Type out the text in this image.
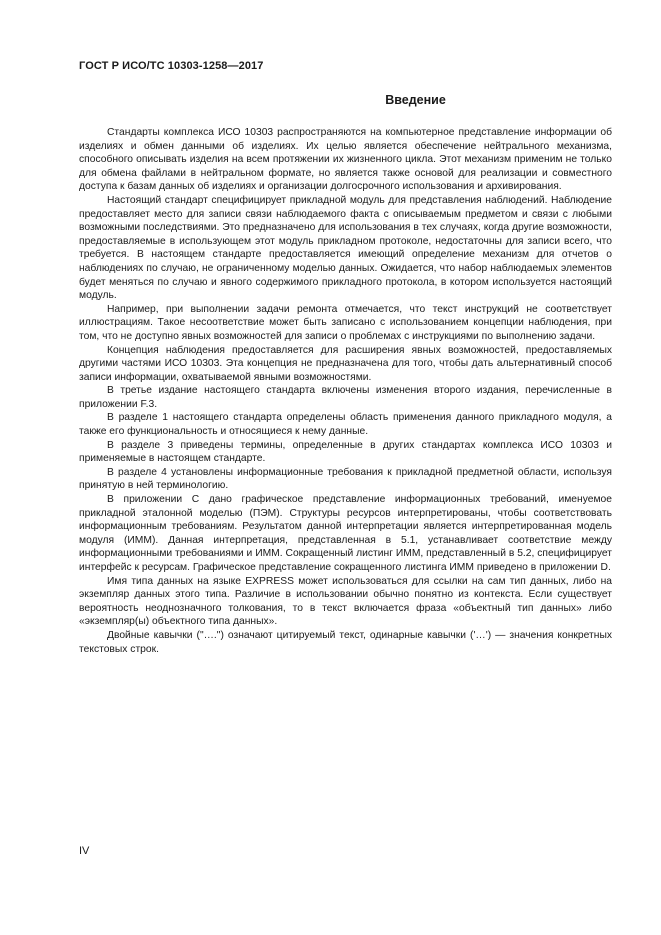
ГОСТ Р ИСО/ТС 10303-1258—2017
Введение

Стандарты комплекса ИСО 10303 распространяются на компьютерное представление информации об изделиях и обмен данными об изделиях. Их целью является обеспечение нейтрального механизма, способного описывать изделия на всем протяжении их жизненного цикла. Этот механизм применим не только для обмена файлами в нейтральном формате, но является также основой для реализации и совместного доступа к базам данных об изделиях и организации долгосрочного использования и архивирования.

Настоящий стандарт специфицирует прикладной модуль для представления наблюдений. Наблюдение предоставляет место для записи связи наблюдаемого факта с описываемым предметом и связи с любыми возможными последствиями. Это предназначено для использования в тех случаях, когда другие возможности, предоставляемые в использующем этот модуль прикладном протоколе, недостаточны для записи всего, что требуется. В настоящем стандарте предоставляется имеющий определение механизм для отчетов о наблюдениях по случаю, не ограниченному моделью данных. Ожидается, что набор наблюдаемых элементов будет меняться по случаю и явного содержимого прикладного протокола, в котором используется настоящий модуль.

Например, при выполнении задачи ремонта отмечается, что текст инструкций не соответствует иллюстрациям. Такое несоответствие может быть записано с использованием концепции наблюдения, при том, что не доступно явных возможностей для записи о проблемах с инструкциями по выполнению задачи.

Концепция наблюдения предоставляется для расширения явных возможностей, предоставляемых другими частями ИСО 10303. Эта концепция не предназначена для того, чтобы дать альтернативный способ записи информации, охватываемой явными возможностями.

В третье издание настоящего стандарта включены изменения второго издания, перечисленные в приложении F.3.

В разделе 1 настоящего стандарта определены область применения данного прикладного модуля, а также его функциональность и относящиеся к нему данные.

В разделе 3 приведены термины, определенные в других стандартах комплекса ИСО 10303 и применяемые в настоящем стандарте.

В разделе 4 установлены информационные требования к прикладной предметной области, используя принятую в ней терминологию.

В приложении С дано графическое представление информационных требований, именуемое прикладной эталонной моделью (ПЭМ). Структуры ресурсов интерпретированы, чтобы соответствовать информационным требованиям. Результатом данной интерпретации является интерпретированная модель модуля (ИММ). Данная интерпретация, представленная в 5.1, устанавливает соответствие между информационными требованиями и ИММ. Сокращенный листинг ИММ, представленный в 5.2, специфицирует интерфейс к ресурсам. Графическое представление сокращенного листинга ИММ приведено в приложении D.

Имя типа данных на языке EXPRESS может использоваться для ссылки на сам тип данных, либо на экземпляр данных этого типа. Различие в использовании обычно понятно из контекста. Если существует вероятность неоднозначного толкования, то в текст включается фраза «объектный тип данных» либо «экземпляр(ы) объектного типа данных».

Двойные кавычки ("….") означают цитируемый текст, одинарные кавычки ('…') — значения конкретных текстовых строк.

IV
